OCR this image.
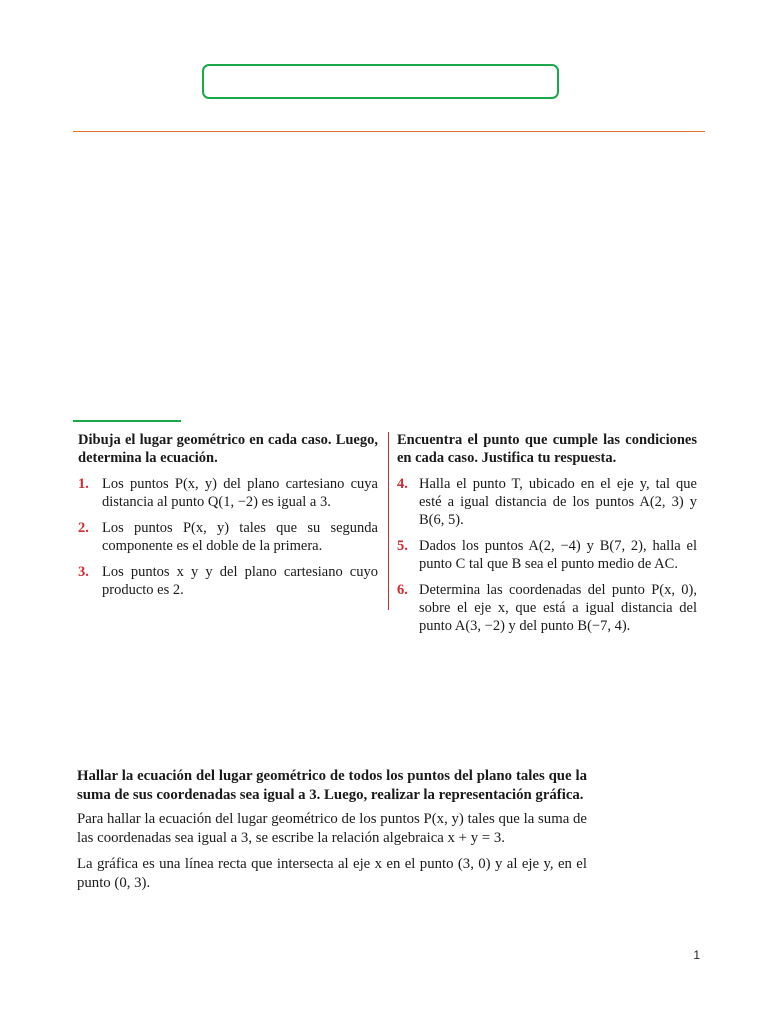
Dibuja el lugar geométrico en cada caso. Luego, determina la ecuación.

1. Los puntos P(x, y) del plano cartesiano cuya distancia al punto Q(1, −2) es igual a 3.
2. Los puntos P(x, y) tales que su segunda componente es el doble de la primera.
3. Los puntos x y y del plano cartesiano cuyo producto es 2.

Encuentra el punto que cumple las condiciones en cada caso. Justifica tu respuesta.

4. Halla el punto T, ubicado en el eje y, tal que esté a igual distancia de los puntos A(2, 3) y B(6, 5).
5. Dados los puntos A(2, −4) y B(7, 2), halla el punto C tal que B sea el punto medio de AC.
6. Determina las coordenadas del punto P(x, 0), sobre el eje x, que está a igual distancia del punto A(3, −2) y del punto B(−7, 4).

Hallar la ecuación del lugar geométrico de todos los puntos del plano tales que la suma de sus coordenadas sea igual a 3. Luego, realizar la representación gráfica.

Para hallar la ecuación del lugar geométrico de los puntos P(x, y) tales que la suma de las coordenadas sea igual a 3, se escribe la relación algebraica x + y = 3.

La gráfica es una línea recta que intersecta al eje x en el punto (3, 0) y al eje y, en el punto (0, 3).

1
